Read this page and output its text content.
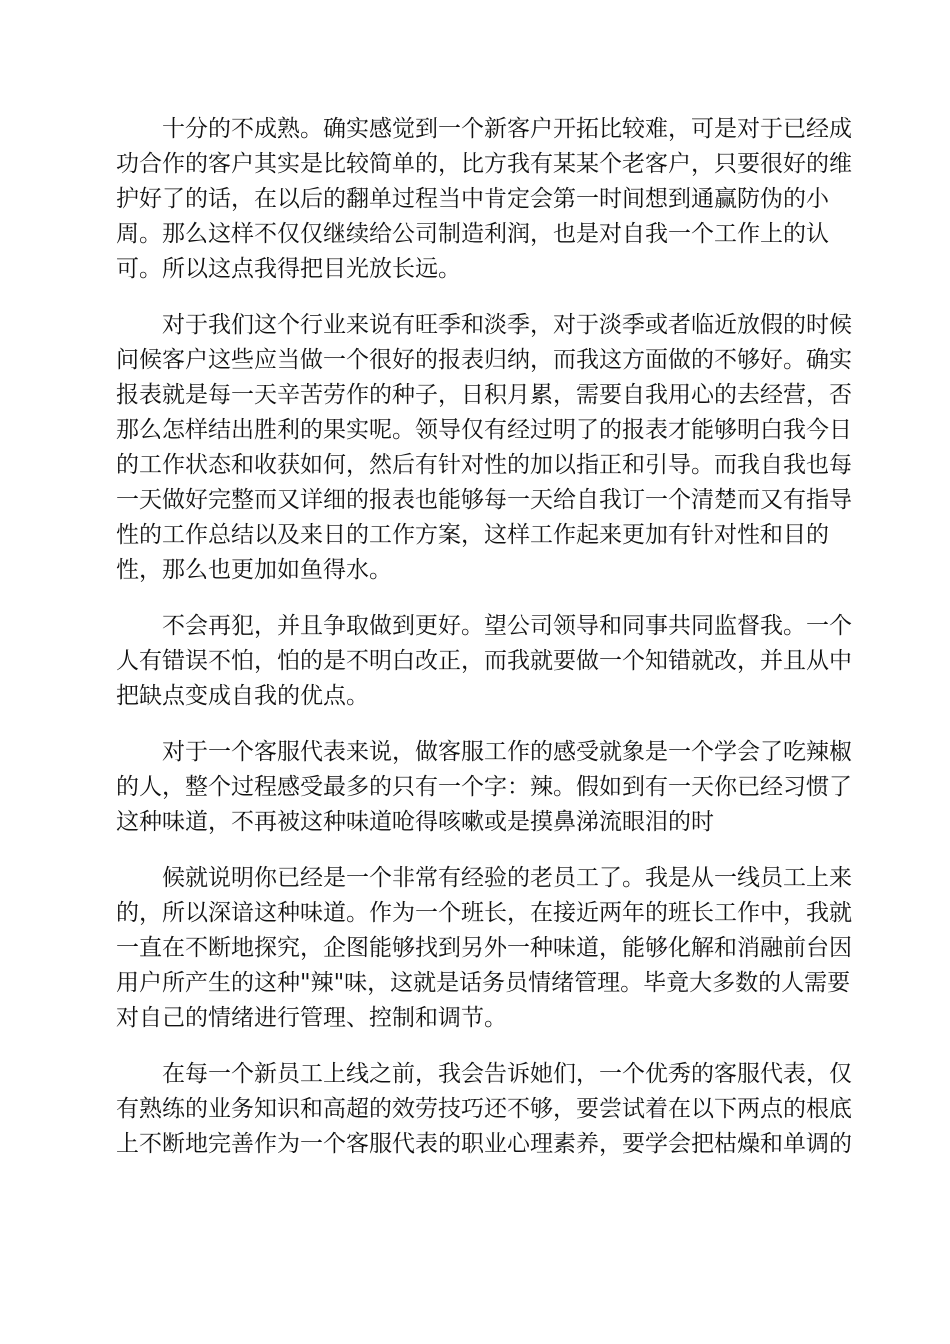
十分的不成熟。确实感觉到一个新客户开拓比较难，可是对于已经成
功合作的客户其实是比较简单的，比方我有某某个老客户，只要很好的维
护好了的话，在以后的翻单过程当中肯定会第一时间想到通赢防伪的小
周。那么这样不仅仅继续给公司制造利润，也是对自我一个工作上的认
可。所以这点我得把目光放长远。
对于我们这个行业来说有旺季和淡季，对于淡季或者临近放假的时候
问候客户这些应当做一个很好的报表归纳，而我这方面做的不够好。确实
报表就是每一天辛苦劳作的种子，日积月累，需要自我用心的去经营，否
那么怎样结出胜利的果实呢。领导仅有经过明了的报表才能够明白我今日
的工作状态和收获如何，然后有针对性的加以指正和引导。而我自我也每
一天做好完整而又详细的报表也能够每一天给自我订一个清楚而又有指导
性的工作总结以及来日的工作方案，这样工作起来更加有针对性和目的
性，那么也更加如鱼得水。
不会再犯，并且争取做到更好。望公司领导和同事共同监督我。一个
人有错误不怕，怕的是不明白改正，而我就要做一个知错就改，并且从中
把缺点变成自我的优点。
对于一个客服代表来说，做客服工作的感受就象是一个学会了吃辣椒
的人，整个过程感受最多的只有一个字：辣。假如到有一天你已经习惯了
这种味道，不再被这种味道呛得咳嗽或是摸鼻涕流眼泪的时
候就说明你已经是一个非常有经验的老员工了。我是从一线员工上来
的，所以深谙这种味道。作为一个班长，在接近两年的班长工作中，我就
一直在不断地探究，企图能够找到另外一种味道，能够化解和消融前台因
用户所产生的这种"辣"味，这就是话务员情绪管理。毕竟大多数的人需要
对自己的情绪进行管理、控制和调节。
在每一个新员工上线之前，我会告诉她们，一个优秀的客服代表，仅
有熟练的业务知识和高超的效劳技巧还不够，要尝试着在以下两点的根底
上不断地完善作为一个客服代表的职业心理素养，要学会把枯燥和单调的
